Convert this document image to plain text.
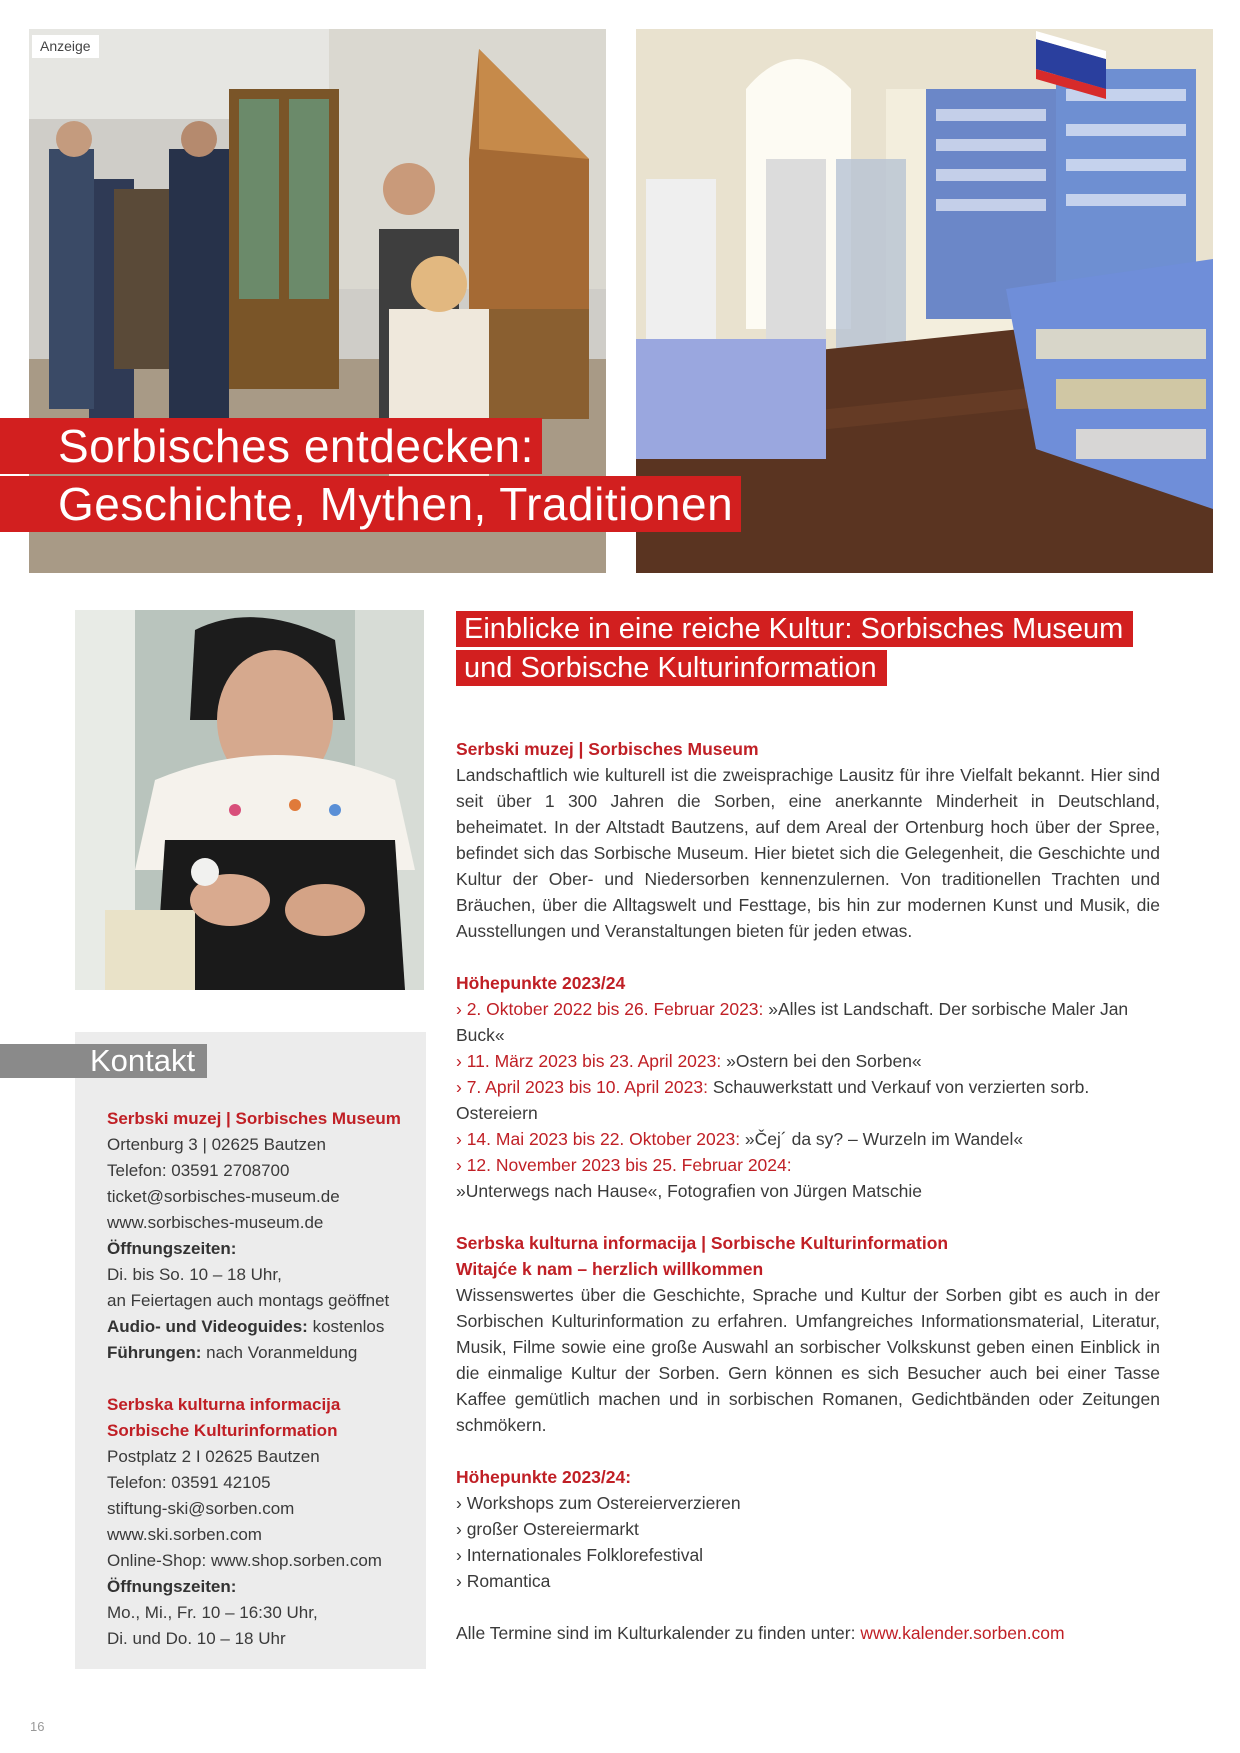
Anzeige
Sorbisches entdecken:
Geschichte, Mythen, Traditionen
Einblicke in eine reiche Kultur: Sorbisches Museum
und Sorbische Kulturinformation

Serbski muzej | Sorbisches Museum

Landschaftlich wie kulturell ist die zweisprachige Lausitz für ihre Vielfalt bekannt. Hier sind seit über 1 300 Jahren die Sorben, eine anerkannte Minderheit in Deutschland, beheimatet. In der Altstadt Bautzens, auf dem Areal der Ortenburg hoch über der Spree, befindet sich das Sorbische Museum. Hier bietet sich die Gelegenheit, die Geschichte und Kultur der Ober- und Niedersorben kennenzulernen. Von traditionellen Trachten und Bräuchen, über die Alltagswelt und Festtage, bis hin zur modernen Kunst und Musik, die Ausstellungen und Veranstaltungen bieten für jeden etwas.

Höhepunkte 2023/24

› 2. Oktober 2022 bis 26. Februar 2023: »Alles ist Landschaft. Der sorbische Maler Jan Buck«

› 11. März 2023 bis 23. April 2023: »Ostern bei den Sorben«

› 7. April 2023 bis 10. April 2023: Schauwerkstatt und Verkauf von verzierten sorb. Ostereiern

› 14. Mai 2023 bis 22. Oktober 2023: »Čej´ da sy? – Wurzeln im Wandel«

› 12. November 2023 bis 25. Februar 2024:

»Unterwegs nach Hause«, Fotografien von Jürgen Matschie

Serbska kulturna informacija | Sorbische Kulturinformation

Witajće k nam – herzlich willkommen

Wissenswertes über die Geschichte, Sprache und Kultur der Sorben gibt es auch in der Sorbischen Kulturinformation zu erfahren. Umfangreiches Informationsmaterial, Literatur, Musik, Filme sowie eine große Auswahl an sorbischer Volkskunst geben einen Einblick in die einmalige Kultur der Sorben. Gern können es sich Besucher auch bei einer Tasse Kaffee gemütlich machen und in sorbischen Romanen, Gedichtbänden oder Zeitungen schmökern.

Höhepunkte 2023/24:

› Workshops zum Ostereierverzieren

› großer Ostereiermarkt

› Internationales Folklorefestival

› Romantica

Alle Termine sind im Kulturkalender zu finden unter: www.kalender.sorben.com

Kontakt

Serbski muzej | Sorbisches Museum

Ortenburg 3 | 02625 Bautzen

Telefon: 03591 2708700

ticket@sorbisches-museum.de

www.sorbisches-museum.de

Öffnungszeiten:

Di. bis So. 10 – 18 Uhr,

an Feiertagen auch montags geöffnet

Audio- und Videoguides: kostenlos

Führungen: nach Voranmeldung

Serbska kulturna informacija

Sorbische Kulturinformation

Postplatz 2 I 02625 Bautzen

Telefon: 03591 42105

stiftung-ski@sorben.com

www.ski.sorben.com

Online-Shop: www.shop.sorben.com

Öffnungszeiten:

Mo., Mi., Fr. 10 – 16:30 Uhr,

Di. und Do. 10 – 18 Uhr

16
